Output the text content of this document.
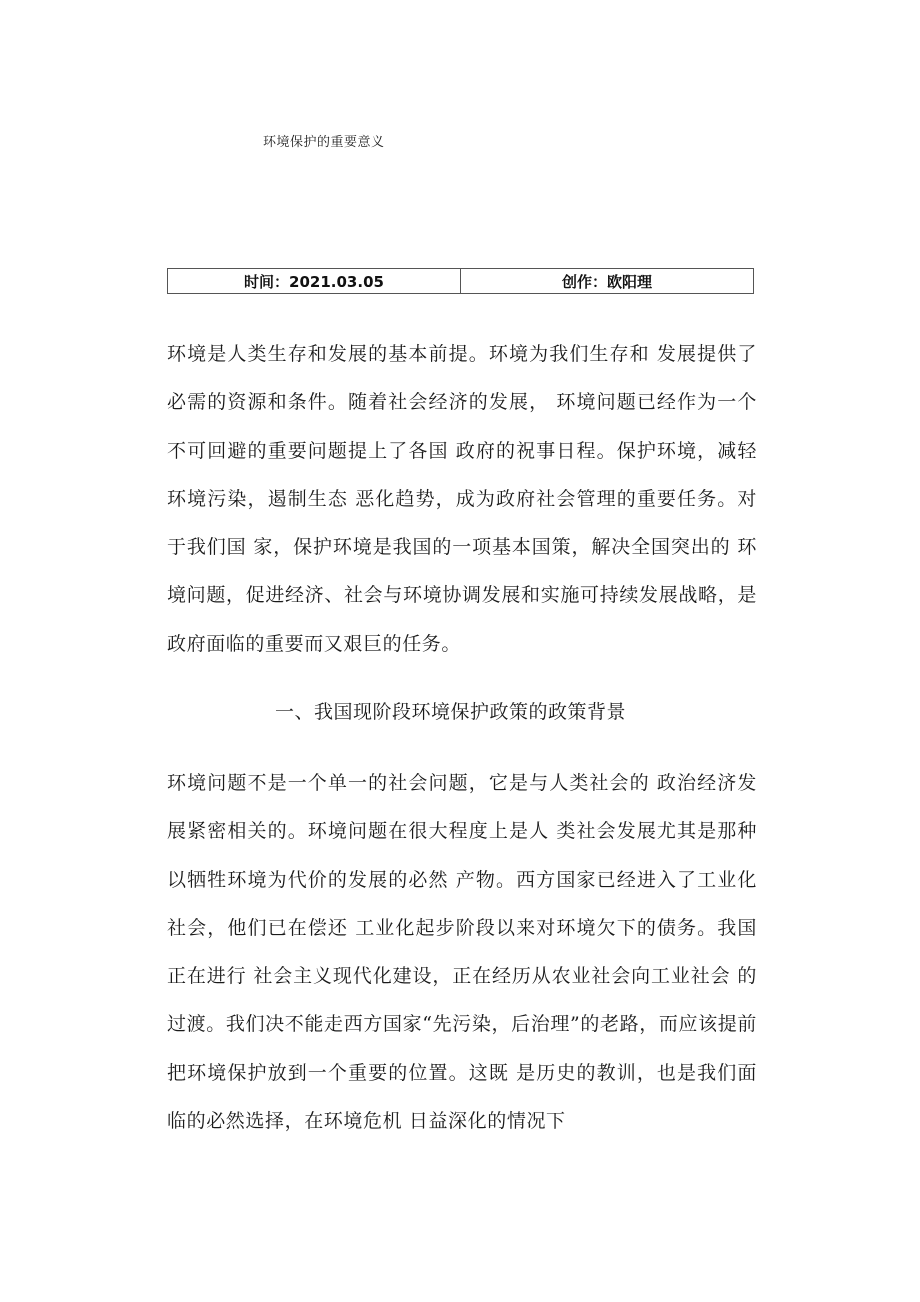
环境保护的重要意义
时间：2021.03.05	创作：欧阳理

环境是人类生存和发展的基本前提。环境为我们生存和 发展提供了必需的资源和条件。随着社会经济的发展， 环境问题已经作为一个不可回避的重要问题提上了各国 政府的祝事日程。保护环境，减轻环境污染，遏制生态 恶化趋势，成为政府社会管理的重要任务。对于我们国 家，保护环境是我国的一项基本国策，解决全国突出的 环境问题，促进经济、社会与环境协调发展和实施可持续发展战略，是政府面临的重要而又艰巨的任务。

一、我国现阶段环境保护政策的政策背景

环境问题不是一个单一的社会问题，它是与人类社会的 政治经济发展紧密相关的。环境问题在很大程度上是人 类社会发展尤其是那种以牺牲环境为代价的发展的必然 产物。西方国家已经进入了工业化社会，他们已在偿还 工业化起步阶段以来对环境欠下的债务。我国正在进行 社会主义现代化建设，正在经历从农业社会向工业社会 的过渡。我们决不能走西方国家“先污染，后治理”的老路，而应该提前把环境保护放到一个重要的位置。这既 是历史的教训，也是我们面临的必然选择，在环境危机 日益深化的情况下
